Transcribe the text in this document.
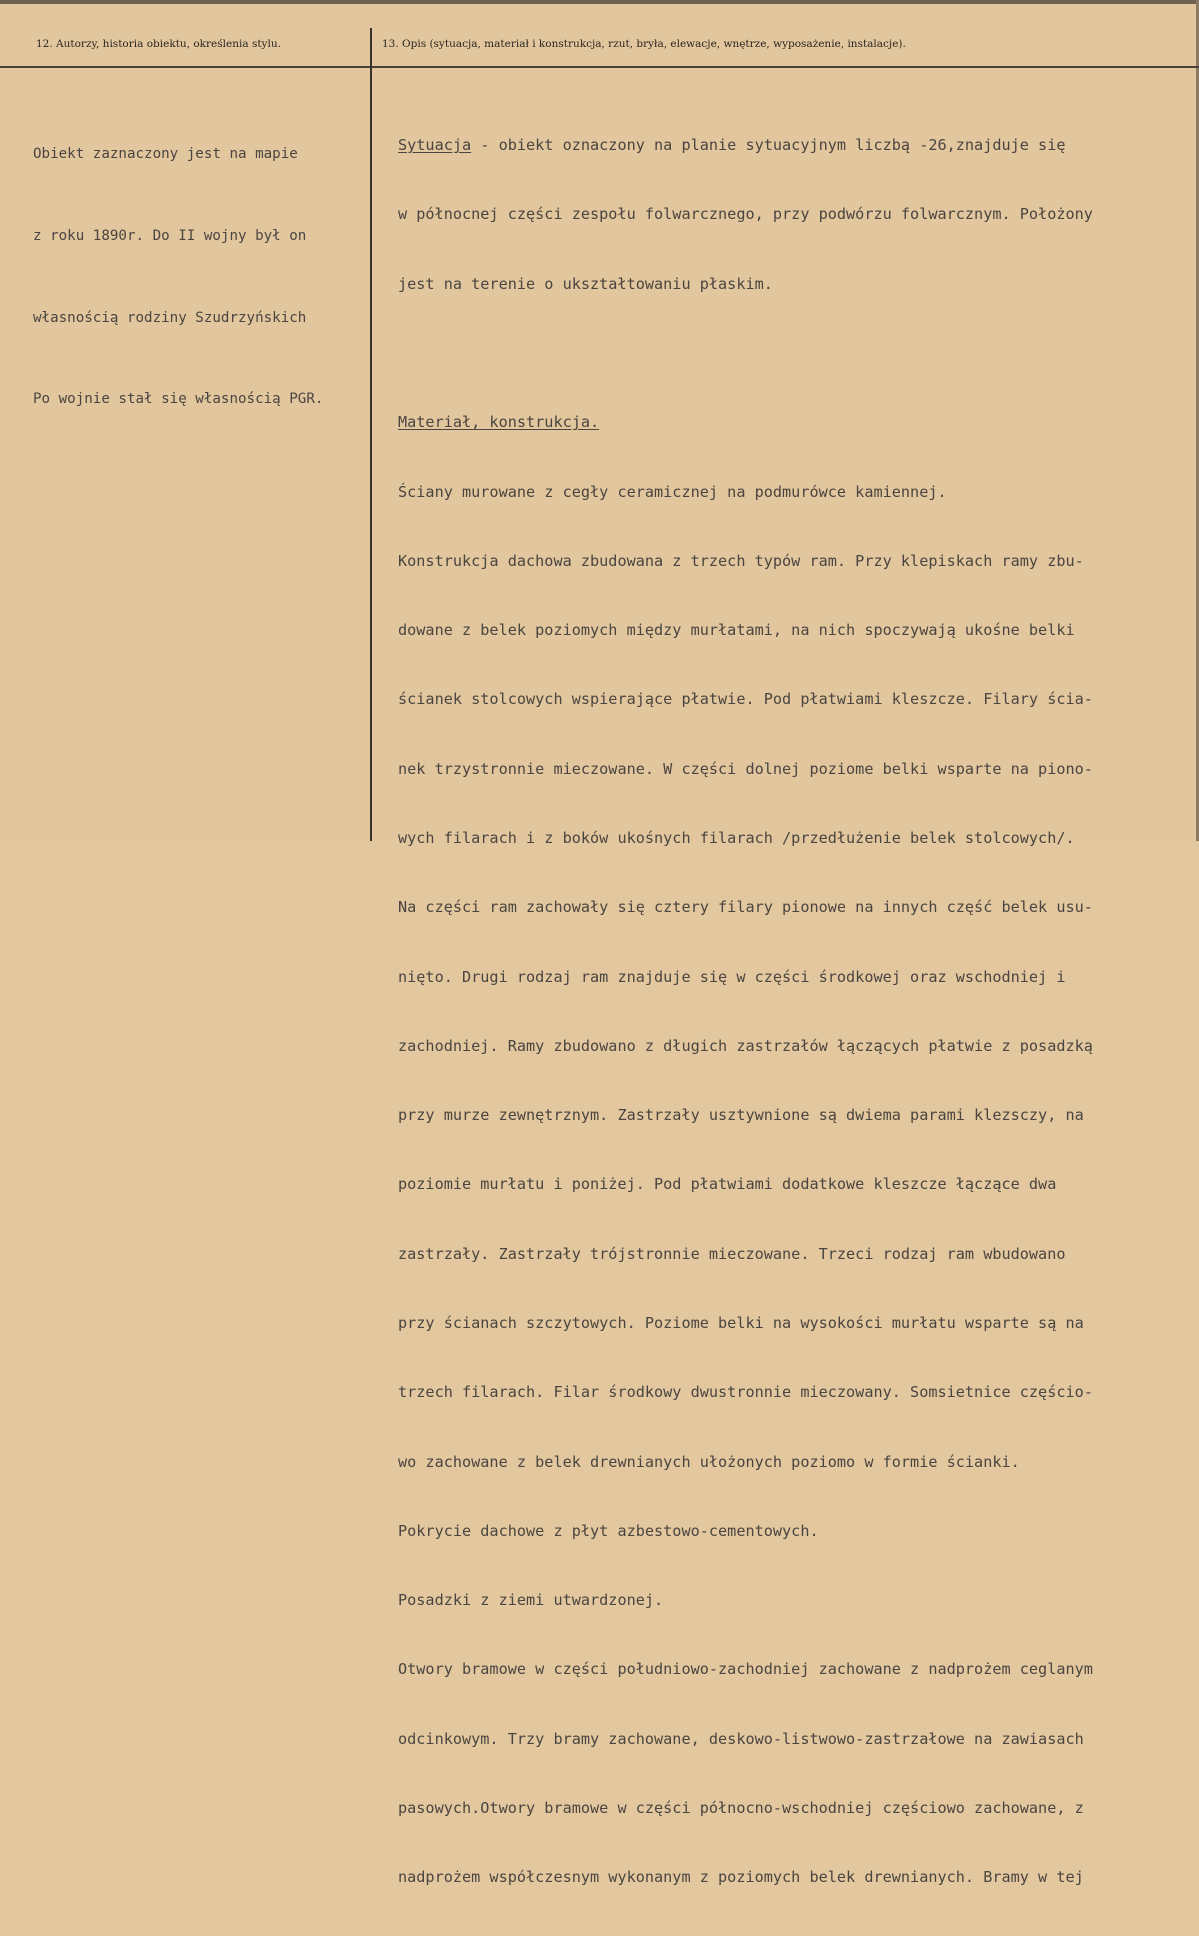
12. Autorzy, historia obiektu, określenia stylu.	13. Opis (sytuacja, materiał i konstrukcja, rzut, bryła, elewacje, wnętrze, wyposażenie, instalacje).

Obiekt zaznaczony jest na mapie

z roku 1890r. Do II wojny był on

własnością rodziny Szudrzyńskich

Po wojnie stał się własnością PGR.

Sytuacja - obiekt oznaczony na planie sytuacyjnym liczbą -26,znajduje się

w północnej części zespołu folwarcznego, przy podwórzu folwarcznym. Położony

jest na terenie o ukształtowaniu płaskim.

Materiał, konstrukcja.

Ściany murowane z cegły ceramicznej na podmurówce kamiennej.

Konstrukcja dachowa zbudowana z trzech typów ram. Przy klepiskach ramy zbu-

dowane z belek poziomych między murłatami, na nich spoczywają ukośne belki

ścianek stolcowych wspierające płatwie. Pod płatwiami kleszcze. Filary ścia-

nek trzystronnie mieczowane. W części dolnej poziome belki wsparte na piono-

wych filarach i z boków ukośnych filarach /przedłużenie belek stolcowych/.

Na części ram zachowały się cztery filary pionowe na innych część belek usu-

nięto. Drugi rodzaj ram znajduje się w części środkowej oraz wschodniej i

zachodniej. Ramy zbudowano z długich zastrzałów łączących płatwie z posadzką

przy murze zewnętrznym. Zastrzały usztywnione są dwiema parami klezsczy, na

poziomie murłatu i poniżej. Pod płatwiami dodatkowe kleszcze łączące dwa

zastrzały. Zastrzały trójstronnie mieczowane. Trzeci rodzaj ram wbudowano

przy ścianach szczytowych. Poziome belki na wysokości murłatu wsparte są na

trzech filarach. Filar środkowy dwustronnie mieczowany. Somsietnice częścio-

wo zachowane z belek drewnianych ułożonych poziomo w formie ścianki.

Pokrycie dachowe z płyt azbestowo-cementowych.

Posadzki z ziemi utwardzonej.

Otwory bramowe w części południowo-zachodniej zachowane z nadprożem ceglanym

odcinkowym. Trzy bramy zachowane, deskowo-listwowo-zastrzałowe na zawiasach

pasowych.Otwory bramowe w części północno-wschodniej częściowo zachowane, z

nadprożem współczesnym wykonanym z poziomych belek drewnianych. Bramy w tej
